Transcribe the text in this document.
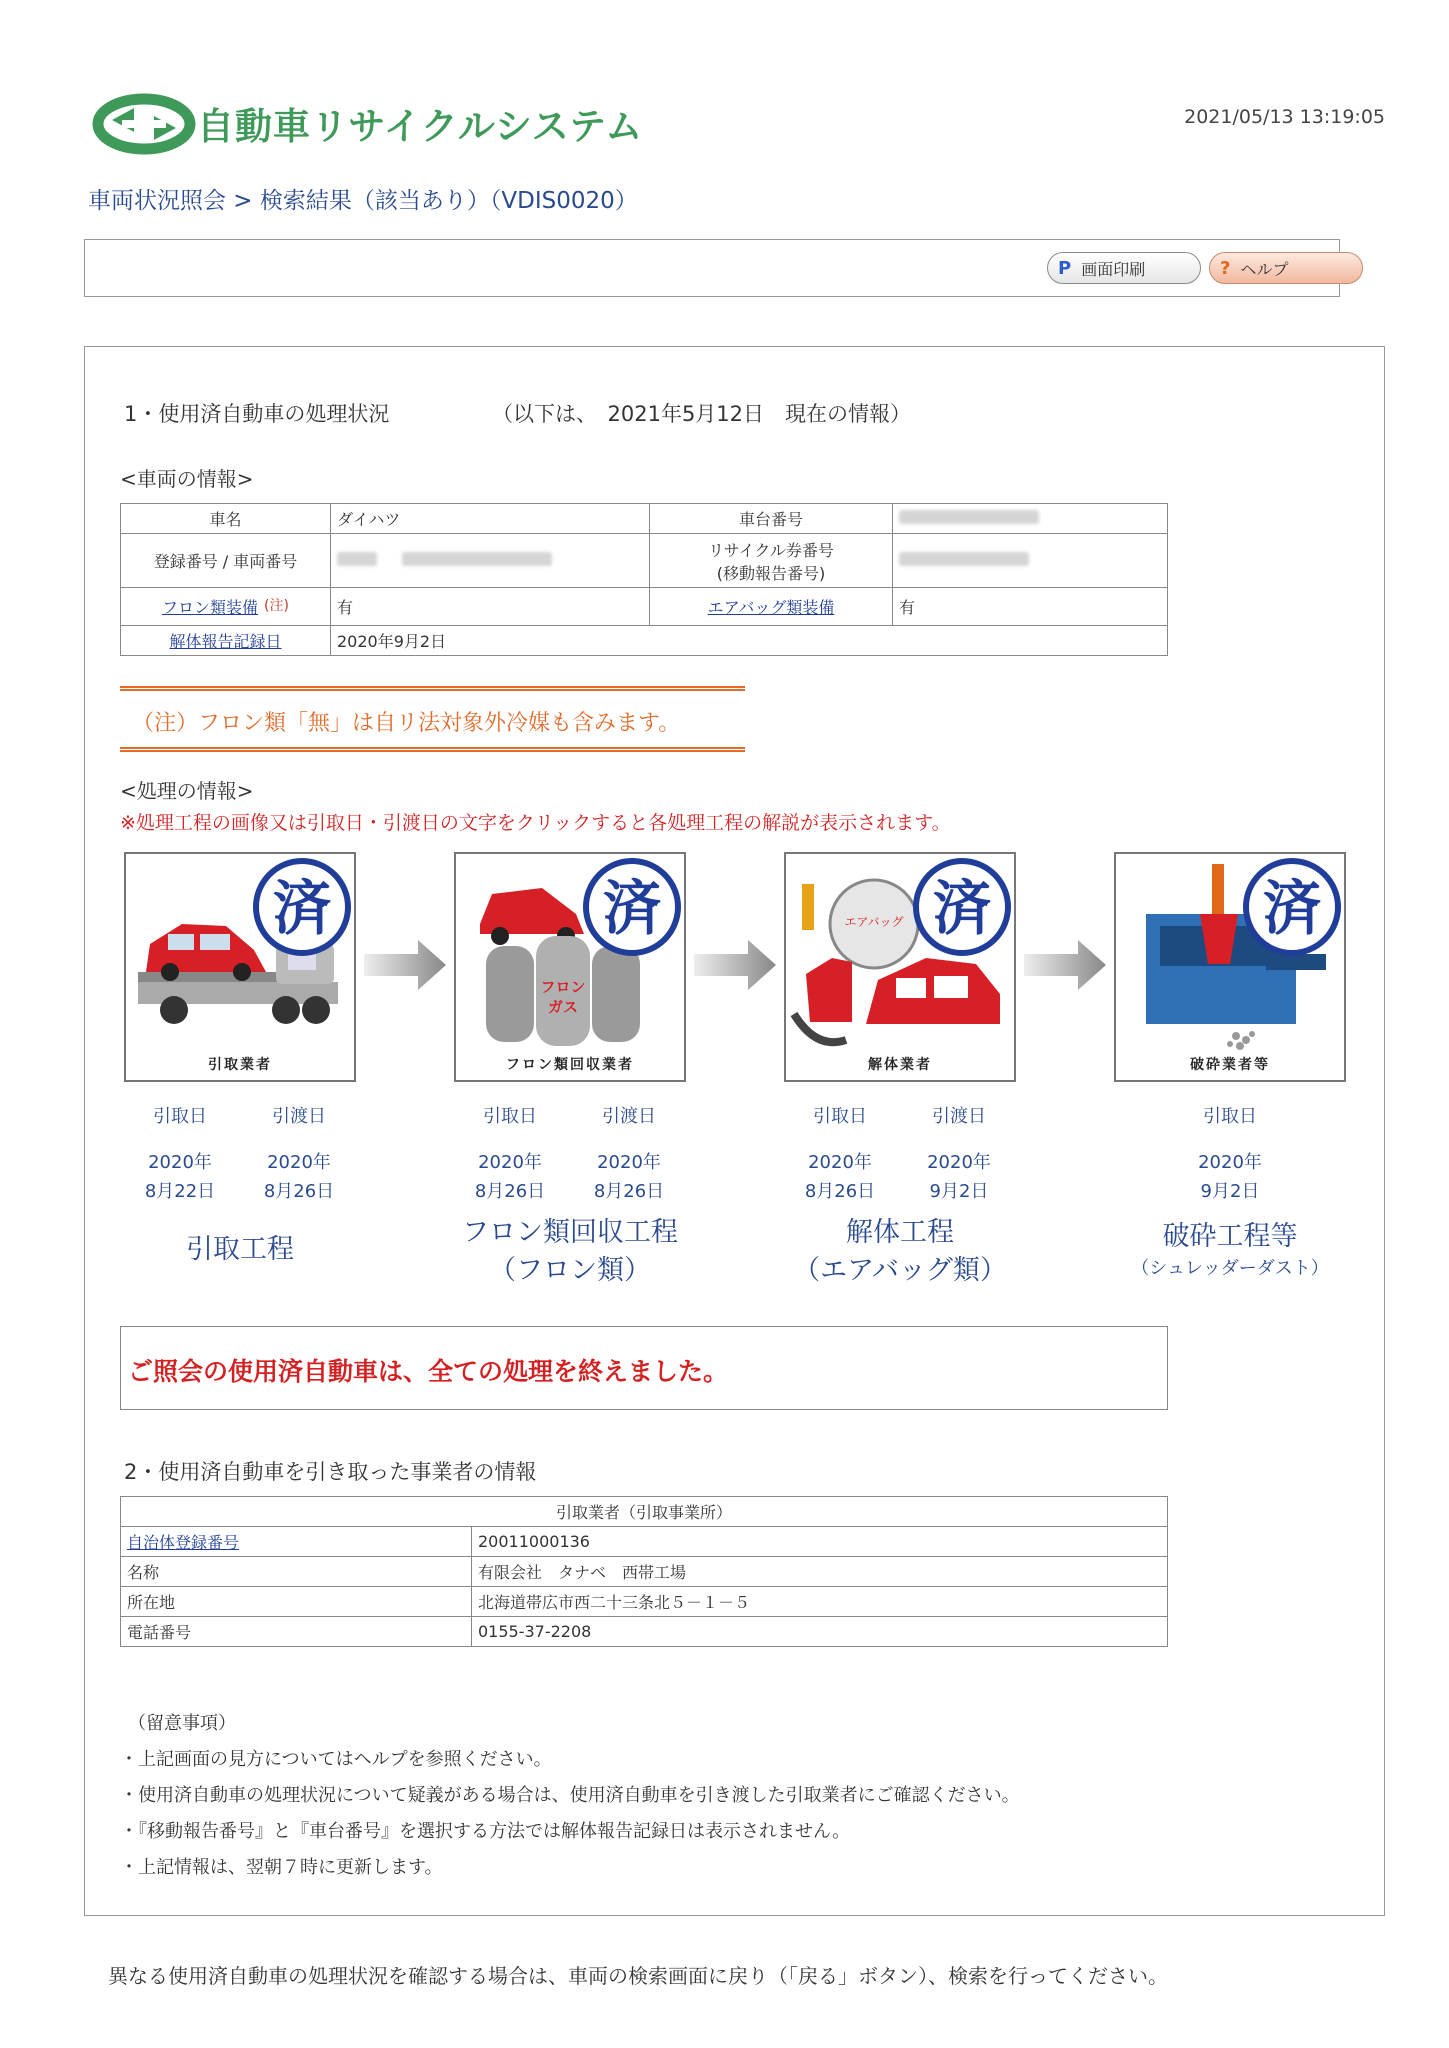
自動車リサイクルシステム	2021/05/13 13:19:05
車両状況照会 > 検索結果（該当あり）（VDIS0020）
P 画面印刷	? ヘルプ
1・使用済自動車の処理状況	（以下は、　2021年5月12日　現在の情報）
<車両の情報>
車名	ダイハツ	車台番号	
登録番号 / 車両番号		リサイクル券番号
(移動報告番号)	
フロン類装備 (注)	有	エアバッグ類装備	有
解体報告記録日	2020年9月2日		
（注）フロン類「無」は自リ法対象外冷媒も含みます。
<処理の情報>
※処理工程の画像又は引取日・引渡日の文字をクリックすると各処理工程の解説が表示されます。
引取業者
フロン
ガス
フロン類回収業者
エアバッグ
解体業者	破砕業者等
済	済	済	済
引取日
2020年
8月22日
引渡日
2020年
8月26日
引取日
2020年
8月26日
引渡日
2020年
8月26日
引取日
2020年
8月26日
引渡日
2020年
9月2日
引取日
2020年
9月2日
引取工程
フロン類回収工程
（フロン類）
解体工程
（エアバッグ類）
破砕工程等
（シュレッダーダスト）
ご照会の使用済自動車は、全ての処理を終えました。
2・使用済自動車を引き取った事業者の情報
引取業者（引取事業所）	
自治体登録番号	20011000136
名称	有限会社　タナベ　西帯工場
所在地	北海道帯広市西二十三条北５－１－５
電話番号	0155-37-2208
（留意事項）
・上記画面の見方についてはヘルプを参照ください。
・使用済自動車の処理状況について疑義がある場合は、使用済自動車を引き渡した引取業者にご確認ください。
・『移動報告番号』と『車台番号』を選択する方法では解体報告記録日は表示されません。
・上記情報は、翌朝７時に更新します。
異なる使用済自動車の処理状況を確認する場合は、車両の検索画面に戻り（「戻る」ボタン）、検索を行ってください。
